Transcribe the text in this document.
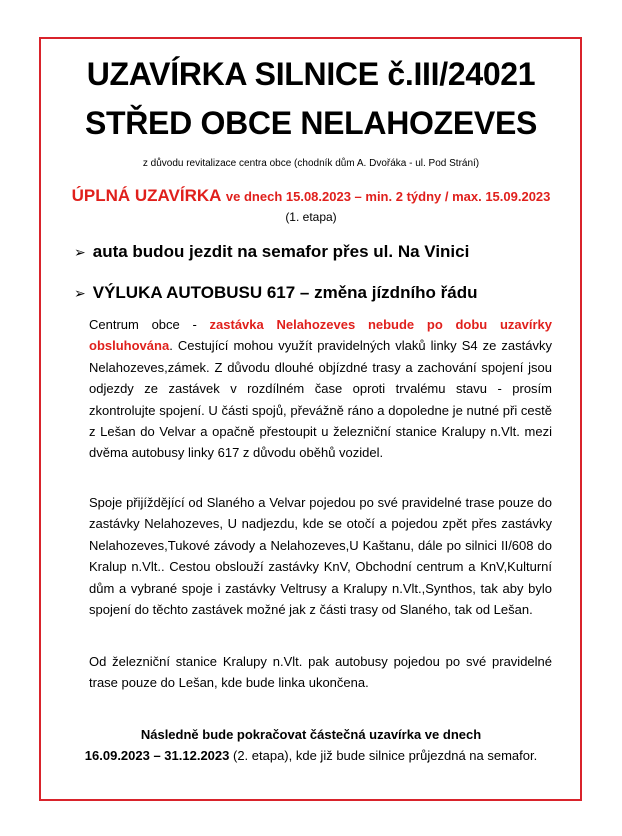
UZAVÍRKA SILNICE č.III/24021
STŘED OBCE NELAHOZEVES
z důvodu revitalizace centra obce (chodník dům A. Dvořáka - ul. Pod Strání)
ÚPLNÁ UZAVÍRKA ve dnech 15.08.2023 – min. 2 týdny / max. 15.09.2023
(1. etapa)
➢ auta budou jezdit na semafor přes ul. Na Vinici
➢ VÝLUKA AUTOBUSU 617 – změna jízdního řádu

Centrum obce - zastávka Nelahozeves nebude po dobu uzavírky obsluhována. Cestující mohou využít pravidelných vlaků linky S4 ze zastávky Nelahozeves,zámek. Z důvodu dlouhé objízdné trasy a zachování spojení jsou odjezdy ze zastávek v rozdílném čase oproti trvalému stavu - prosím zkontrolujte spojení. U části spojů, převážně ráno a dopoledne je nutné při cestě z Lešan do Velvar a opačně přestoupit u železniční stanice Kralupy n.Vlt. mezi dvěma autobusy linky 617 z důvodu oběhů vozidel.

Spoje přijíždějící od Slaného a Velvar pojedou po své pravidelné trase pouze do zastávky Nelahozeves, U nadjezdu, kde se otočí a pojedou zpět přes zastávky Nelahozeves,Tukové závody a Nelahozeves,U Kaštanu, dále po silnici II/608 do Kralup n.Vlt.. Cestou obslouží zastávky KnV, Obchodní centrum a KnV,Kulturní dům a vybrané spoje i zastávky Veltrusy a Kralupy n.Vlt.,Synthos, tak aby bylo spojení do těchto zastávek možné jak z části trasy od Slaného, tak od Lešan.

Od železniční stanice Kralupy n.Vlt. pak autobusy pojedou po své pravidelné trase pouze do Lešan, kde bude linka ukončena.

Následně bude pokračovat částečná uzavírka ve dnech
16.09.2023 – 31.12.2023 (2. etapa), kde již bude silnice průjezdná na semafor.
